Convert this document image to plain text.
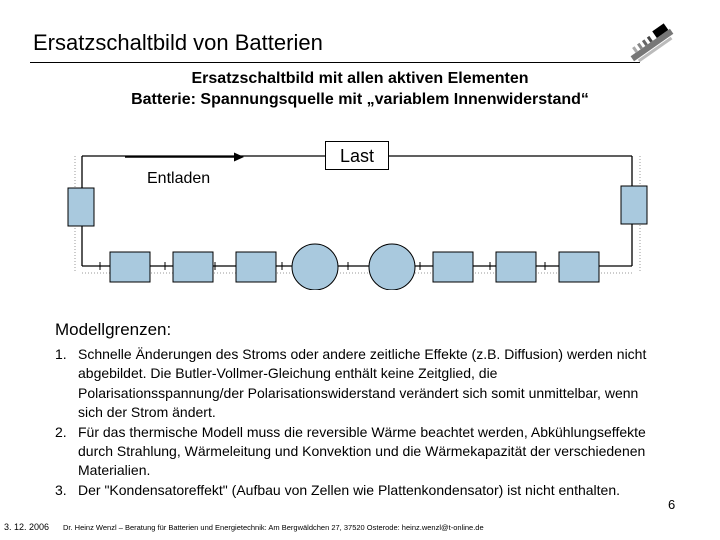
Ersatzschaltbild von Batterien
Ersatzschaltbild mit allen aktiven Elementen
Batterie: Spannungsquelle mit „variablem Innenwiderstand“
Last
Entladen
Modellgrenzen:
1. Schnelle Änderungen des Stroms oder andere zeitliche Effekte (z.B. Diffusion) werden nicht abgebildet. Die Butler-Vollmer-Gleichung enthält keine Zeitglied, die Polarisationsspannung/der Polarisationswiderstand verändert sich somit unmittelbar, wenn sich der Strom ändert.
2. Für das thermische Modell muss die reversible Wärme beachtet werden, Abkühlungseffekte durch Strahlung, Wärmeleitung und Konvektion und die Wärmekapazität der verschiedenen Materialien.
3. Der "Kondensatoreffekt" (Aufbau von Zellen wie Plattenkondensator) ist nicht enthalten.
3. 12. 2006 Dr. Heinz Wenzl – Beratung für Batterien und Energietechnik: Am Bergwäldchen 27, 37520 Osterode: heinz.wenzl@t-online.de
6
